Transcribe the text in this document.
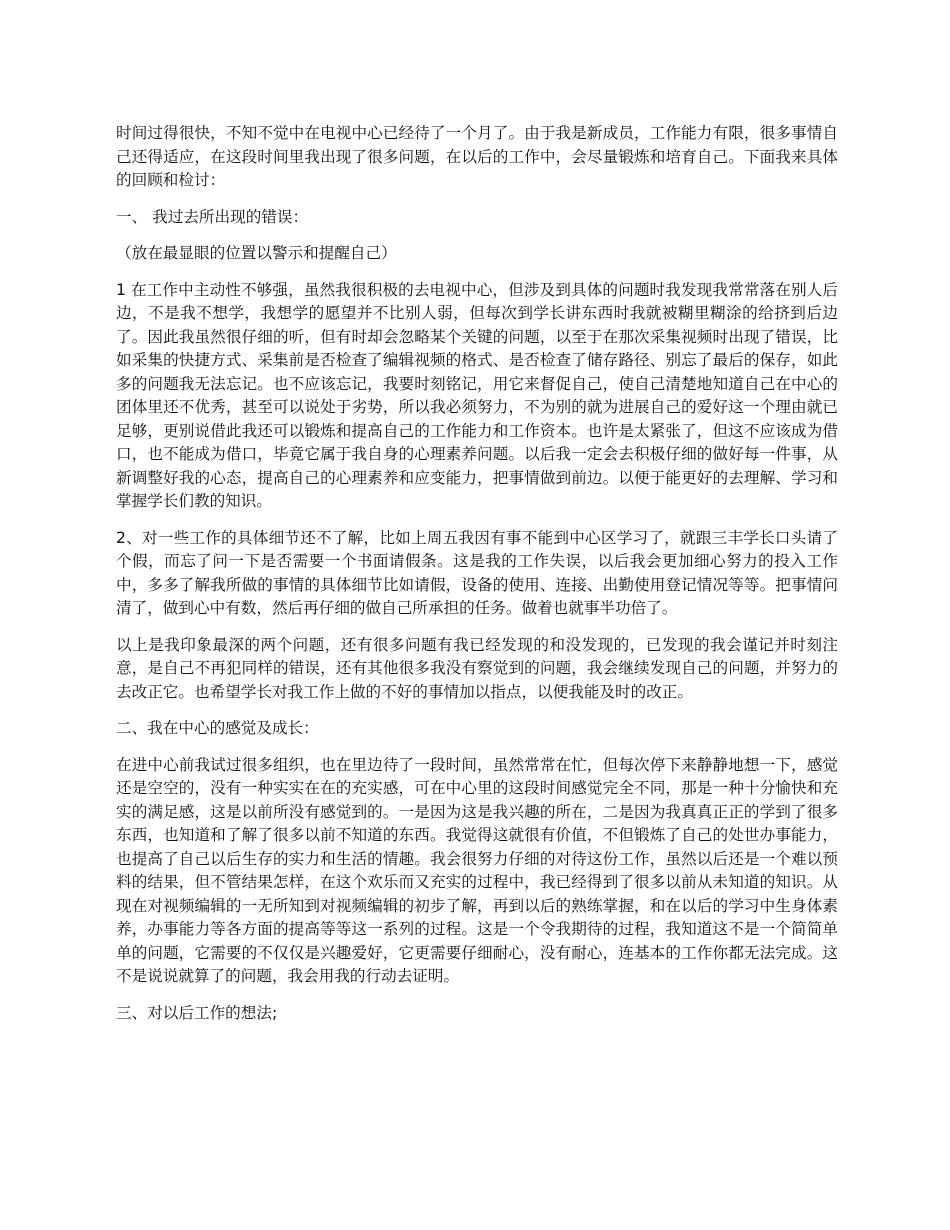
时间过得很快，不知不觉中在电视中心已经待了一个月了。由于我是新成员，工作能力有限，很多事情自己还得适应，在这段时间里我出现了很多问题，在以后的工作中，会尽量锻炼和培育自己。下面我来具体的回顾和检讨：

一、 我过去所出现的错误：

（放在最显眼的位置以警示和提醒自己）

1 在工作中主动性不够强，虽然我很积极的去电视中心，但涉及到具体的问题时我发现我常常落在别人后边，不是我不想学，我想学的愿望并不比别人弱，但每次到学长讲东西时我就被糊里糊涂的给挤到后边了。因此我虽然很仔细的听，但有时却会忽略某个关键的问题，以至于在那次采集视频时出现了错误，比如采集的快捷方式、采集前是否检查了编辑视频的格式、是否检查了储存路径、别忘了最后的保存，如此多的问题我无法忘记。也不应该忘记，我要时刻铭记，用它来督促自己，使自己清楚地知道自己在中心的团体里还不优秀，甚至可以说处于劣势，所以我必须努力，不为别的就为进展自己的爱好这一个理由就已足够，更别说借此我还可以锻炼和提高自己的工作能力和工作资本。也许是太紧张了，但这不应该成为借口，也不能成为借口，毕竟它属于我自身的心理素养问题。以后我一定会去积极仔细的做好每一件事，从新调整好我的心态，提高自己的心理素养和应变能力，把事情做到前边。以便于能更好的去理解、学习和掌握学长们教的知识。

2、对一些工作的具体细节还不了解，比如上周五我因有事不能到中心区学习了，就跟三丰学长口头请了个假，而忘了问一下是否需要一个书面请假条。这是我的工作失误，以后我会更加细心努力的投入工作中，多多了解我所做的事情的具体细节比如请假，设备的使用、连接、出勤使用登记情况等等。把事情问清了，做到心中有数，然后再仔细的做自己所承担的任务。做着也就事半功倍了。

以上是我印象最深的两个问题，还有很多问题有我已经发现的和没发现的，已发现的我会谨记并时刻注意，是自己不再犯同样的错误，还有其他很多我没有察觉到的问题，我会继续发现自己的问题，并努力的去改正它。也希望学长对我工作上做的不好的事情加以指点，以便我能及时的改正。

二、我在中心的感觉及成长：

在进中心前我试过很多组织，也在里边待了一段时间，虽然常常在忙，但每次停下来静静地想一下，感觉还是空空的，没有一种实实在在的充实感，可在中心里的这段时间感觉完全不同，那是一种十分愉快和充实的满足感，这是以前所没有感觉到的。一是因为这是我兴趣的所在，二是因为我真真正正的学到了很多东西，也知道和了解了很多以前不知道的东西。我觉得这就很有价值，不但锻炼了自己的处世办事能力，也提高了自己以后生存的实力和生活的情趣。我会很努力仔细的对待这份工作，虽然以后还是一个难以预料的结果，但不管结果怎样，在这个欢乐而又充实的过程中，我已经得到了很多以前从未知道的知识。从现在对视频编辑的一无所知到对视频编辑的初步了解，再到以后的熟练掌握，和在以后的学习中生身体素养，办事能力等各方面的提高等等这一系列的过程。这是一个令我期待的过程，我知道这不是一个简简单单的问题，它需要的不仅仅是兴趣爱好，它更需要仔细耐心，没有耐心，连基本的工作你都无法完成。这不是说说就算了的问题，我会用我的行动去证明。

三、对以后工作的想法;
